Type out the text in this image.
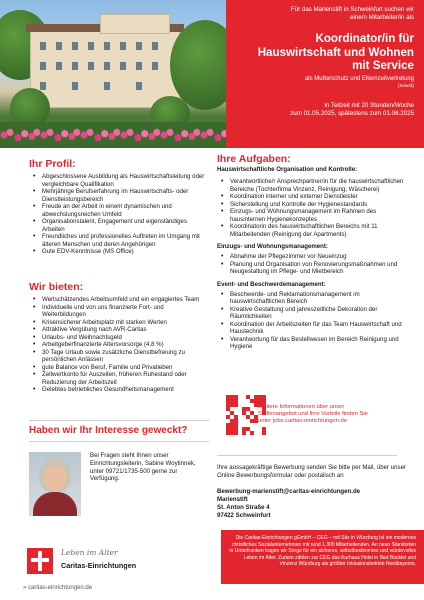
Für das Marienstift in Schweinfurt suchen wir
eine/n Mitarbeiter/in als
Koordinator/in für
Hauswirtschaft und Wohnen
mit Service
als Mutterschutz und Elternzeitvertretung
(m/w/d)
in Teilzeit mit 20 Stunden/Woche
zum 01.05.2025, spätestens zum 01.06.2025
Ihr Profil:
• Abgeschlossene Ausbildung als Hauswirtschaftsleitung oder vergleichbare Qualifikation
• Mehrjährige Berufserfahrung im Hauswirtschafts- oder Dienstleistungsbereich
• Freude an der Arbeit in einem dynamischen und abwechslungsreichen Umfeld
• Organisationstalent, Engagement und eigenständiges Arbeiten
• Freundliches und professionelles Auftreten im Umgang mit älteren Menschen und deren Angehörigen
• Gute EDV-Kenntnisse (MS Office)
Wir bieten:
• Wertschätzendes Arbeitsumfeld und ein engagiertes Team
• Individuelle und von uns finanzierte Fort- und Weiterbildungen
• Krisensicherer Arbeitsplatz mit starken Werten
• Attraktive Vergütung nach AVR-Caritas
• Urlaubs- und Weihnachtsgeld
• Arbeitgeberfinanzierte Altersvorsorge (4,8 %)
• 30 Tage Urlaub sowie zusätzliche Dienstbefreiung zu persönlichen Anlässen
• gute Balance von Beruf, Familie und Privatleben
• Zeitwertkonto für Auszeiten, früheren Ruhestand oder Reduzierung der Arbeitszeit
• Gelebtes betriebliches Gesundheitsmanagement
Ihre Aufgaben:
Hauswirtschaftliche Organisation und Kontrolle:
• Verantwortliche/r Ansprechpartner/in für die hauswirtschaftlichen Bereiche (Tochterfirma Vinzenz, Reinigung, Wäscherei)
• Koordination interner und externer Dienstleister
• Sicherstellung und Kontrolle der Hygienestandards
• Einzugs- und Wohnungsmanagement im Rahmen des hausinternen Hygienekonzeptes
• Koordinatorin des hauswirtschaftlichen Bereichs mit 11 Mitarbeitenden (Reinigung der Apartments)
Einzugs- und Wohnungsmanagement:
• Abnahme der Pflegezimmer vor Neueinzug
• Planung und Organisation von Renovierungsmaßnahmen und Neugestaltung im Pflege- und Mietbereich
Event- und Beschwerdemanagement:
• Beschwerde- und Reklamationsmanagement im hauswirtschaftlichen Bereich
• Kreative Gestaltung und jahreszeitliche Dekoration der Räumlichkeiten
• Koordination der Arbeitszeiten für das Team Hauswirtschaft und Haustechnik
• Verantwortung für das Bestellwesen im Bereich Reinigung und Hygiene
Haben wir Ihr Interesse geweckt?
Bei Fragen steht Ihnen unser Einrichtungsleiterin, Sabine Woytinnek, unter 09721/1735-500 gerne zur Verfügung.
Weitere Informationen über unser Stellenangebot und Ihre Vorteile finden Sie unter jobs.caritas-einrichtungen.de
Ihre aussagekräftige Bewerbung senden Sie bitte per Mail, über unser Online Bewerbungsformular oder postalisch an
Bewerbung-marienstift@caritas-einrichtungen.de
Marienstift
St. Anton Straße 4
97422 Schweinfurt
Die Caritas-Einrichtungen gGmbH – CEG – mit Sitz in Würzburg ist ein modernes christliches Sozialunternehmen mit rund 1.300 Mitarbeitenden. An neun Standorten in Unterfranken tragen wir Sorge für ein sicheres, selbstbestimmtes und würdevolles Leben im Alter. Zudem zählen zur CEG das Kurhaus Hotel in Bad Bocklet und Vinzenz Würzburg als größter Inklusionsbetrieb Nordbayerns.
Leben im Alter
Caritas-Einrichtungen
» caritas-einrichtungen.de
